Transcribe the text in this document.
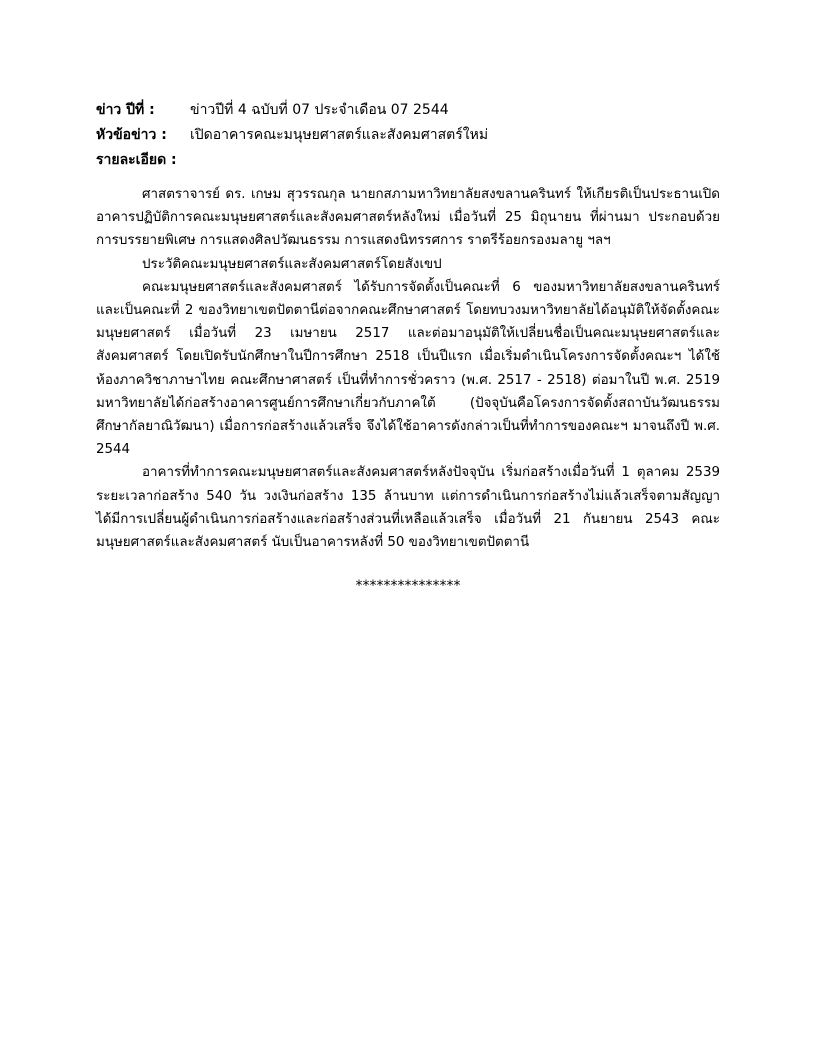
ข่าว ปีที่ :	ข่าวปีที่ 4 ฉบับที่ 07 ประจำเดือน 07 2544
หัวข้อข่าว :	เปิดอาคารคณะมนุษยศาสตร์และสังคมศาสตร์ใหม่
รายละเอียด :

ศาสตราจารย์ ดร. เกษม สุวรรณกุล นายกสภามหาวิทยาลัยสงขลานครินทร์ ให้เกียรติเป็นประธานเปิดอาคารปฏิบัติการคณะมนุษยศาสตร์และสังคมศาสตร์หลังใหม่ เมื่อวันที่ 25 มิถุนายน ที่ผ่านมา ประกอบด้วยการบรรยายพิเศษ การแสดงศิลปวัฒนธรรม การแสดงนิทรรศการ ราตรีร้อยกรองมลายู ฯลฯ

ประวัติคณะมนุษยศาสตร์และสังคมศาสตร์โดยสังเขป

คณะมนุษยศาสตร์และสังคมศาสตร์ ได้รับการจัดตั้งเป็นคณะที่ 6 ของมหาวิทยาลัยสงขลานครินทร์ และเป็นคณะที่ 2 ของวิทยาเขตปัตตานีต่อจากคณะศึกษาศาสตร์ โดยทบวงมหาวิทยาลัยได้อนุมัติให้จัดตั้งคณะมนุษยศาสตร์ เมื่อวันที่ 23 เมษายน 2517 และต่อมาอนุมัติให้เปลี่ยนชื่อเป็นคณะมนุษยศาสตร์และสังคมศาสตร์ โดยเปิดรับนักศึกษาในปีการศึกษา 2518 เป็นปีแรก เมื่อเริ่มดำเนินโครงการจัดตั้งคณะฯ ได้ใช้ห้องภาควิชาภาษาไทย คณะศึกษาศาสตร์ เป็นที่ทำการชั่วคราว (พ.ศ. 2517 - 2518) ต่อมาในปี พ.ศ. 2519 มหาวิทยาลัยได้ก่อสร้างอาคารศูนย์การศึกษาเกี่ยวกับภาคใต้ (ปัจจุบันคือโครงการจัดตั้งสถาบันวัฒนธรรมศึกษากัลยาณิวัฒนา) เมื่อการก่อสร้างแล้วเสร็จ จึงได้ใช้อาคารดังกล่าวเป็นที่ทำการของคณะฯ มาจนถึงปี พ.ศ. 2544

อาคารที่ทำการคณะมนุษยศาสตร์และสังคมศาสตร์หลังปัจจุบัน เริ่มก่อสร้างเมื่อวันที่ 1 ตุลาคม 2539 ระยะเวลาก่อสร้าง 540 วัน วงเงินก่อสร้าง 135 ล้านบาท แต่การดำเนินการก่อสร้างไม่แล้วเสร็จตามสัญญา ได้มีการเปลี่ยนผู้ดำเนินการก่อสร้างและก่อสร้างส่วนที่เหลือแล้วเสร็จ เมื่อวันที่ 21 กันยายน 2543 คณะมนุษยศาสตร์และสังคมศาสตร์ นับเป็นอาคารหลังที่ 50 ของวิทยาเขตปัตตานี

***************
